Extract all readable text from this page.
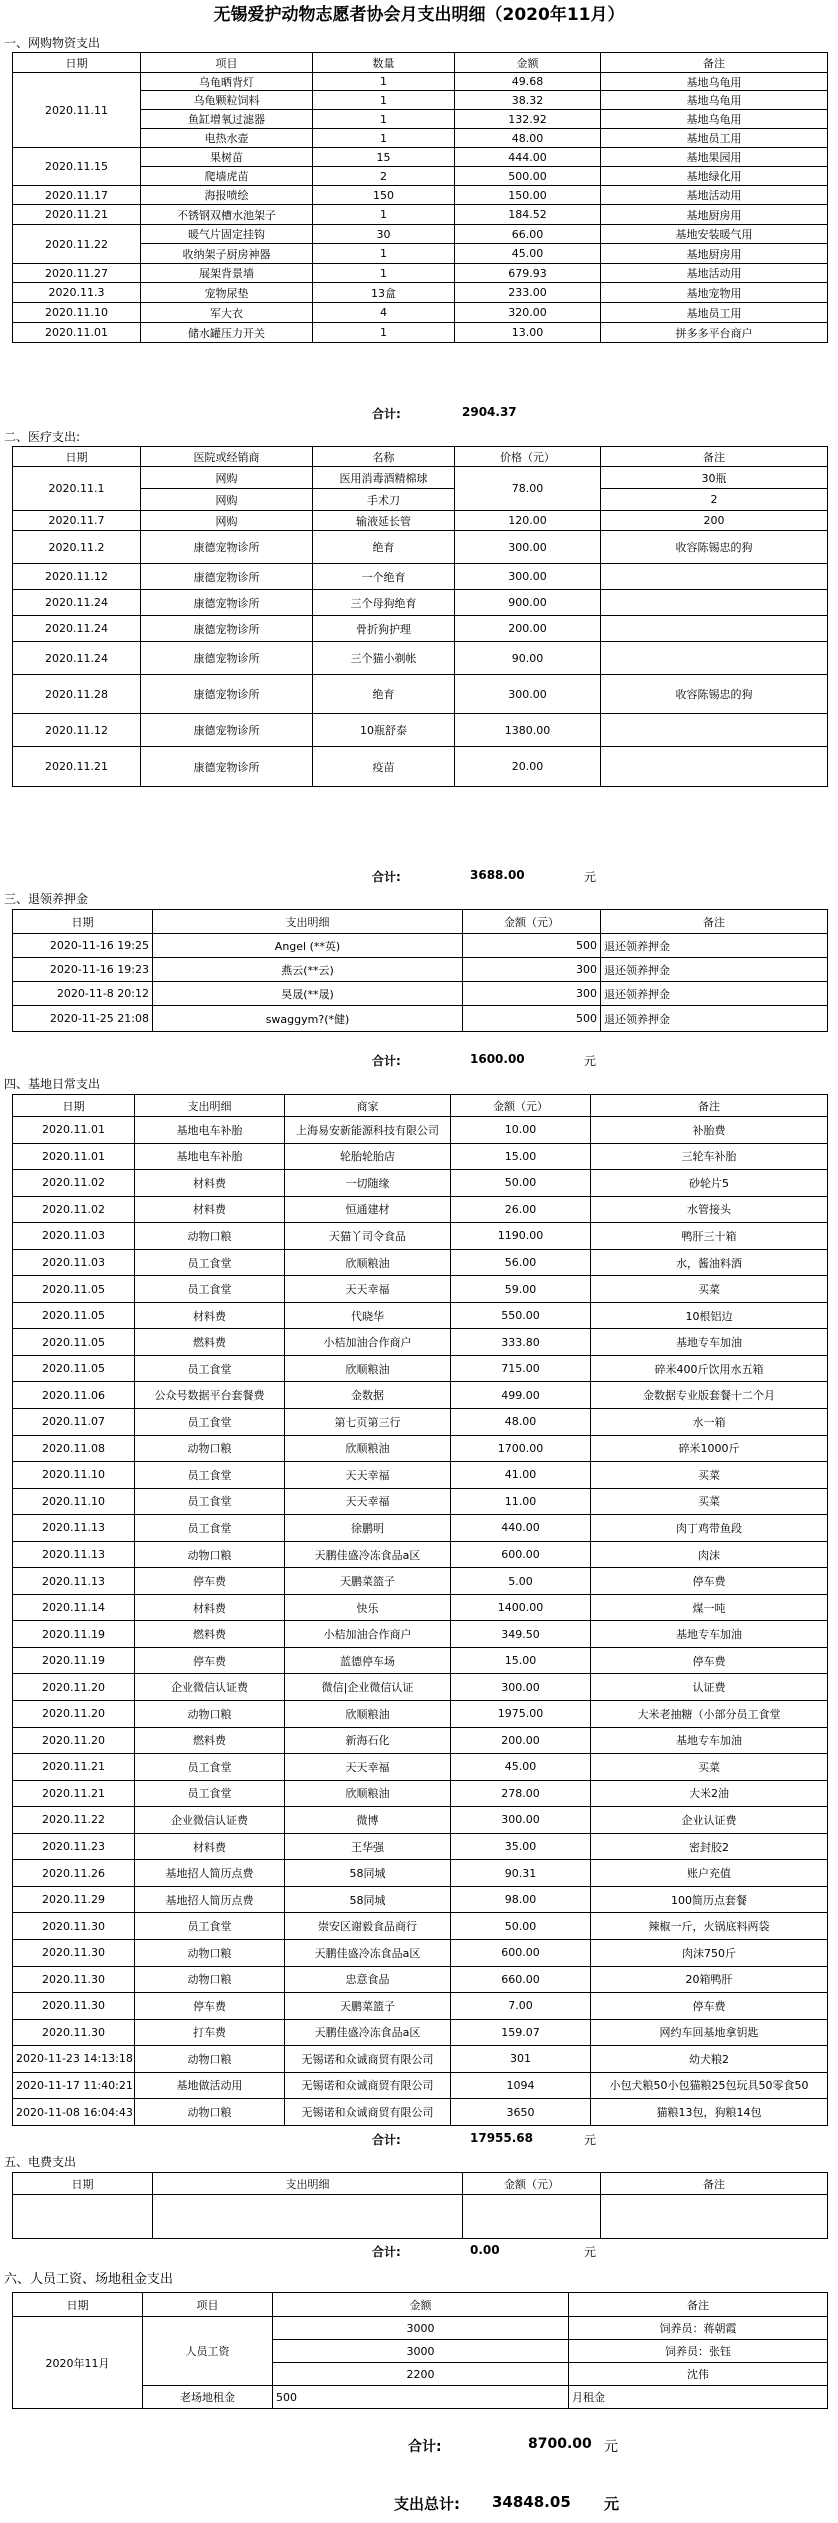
无锡爱护动物志愿者协会月支出明细（2020年11月）
一、网购物资支出
日期	项目	数量	金额	备注
2020.11.11	乌龟晒背灯	1	49.68	基地乌龟用
	乌龟颗粒饲料	1	38.32	基地乌龟用
	鱼缸增氧过滤器	1	132.92	基地乌龟用
	电热水壶	1	48.00	基地员工用
2020.11.15	果树苗	15	444.00	基地果园用
	爬墙虎苗	2	500.00	基地绿化用
2020.11.17	海报喷绘	150	150.00	基地活动用
2020.11.21	不锈钢双槽水池架子	1	184.52	基地厨房用
2020.11.22	暖气片固定挂钩	30	66.00	基地安装暖气用
	收纳架子厨房神器	1	45.00	基地厨房用
2020.11.27	展架背景墙	1	679.93	基地活动用
2020.11.3	宠物尿垫	13盒	233.00	基地宠物用
2020.11.10	军大衣	4	320.00	基地员工用
2020.11.01	储水罐压力开关	1	13.00	拼多多平台商户
合计:	2904.37
二、医疗支出:
日期	医院或经销商	名称	价格（元）	备注
2020.11.1	网购	医用消毒酒精棉球	78.00	30瓶
	网购	手术刀		2
2020.11.7	网购	输液延长管	120.00	200
2020.11.2	康德宠物诊所	绝育	300.00	收容陈锡忠的狗
2020.11.12	康德宠物诊所	一个绝育	300.00	
2020.11.24	康德宠物诊所	三个母狗绝育	900.00	
2020.11.24	康德宠物诊所	骨折狗护理	200.00	
2020.11.24	康德宠物诊所	三个猫小剃帐	90.00	
2020.11.28	康德宠物诊所	绝育	300.00	收容陈锡忠的狗
2020.11.12	康德宠物诊所	10瓶舒泰	1380.00	
2020.11.21	康德宠物诊所	疫苗	20.00	
合计:	3688.00	元
三、退领养押金
日期	支出明细	金额（元）	备注
2020-11-16 19:25	Angel (**英)	500	退还领养押金
2020-11-16 19:23	燕云(**云)	300	退还领养押金
2020-11-8 20:12	昊晟(**晟)	300	退还领养押金
2020-11-25 21:08	swaggym?(*健)	500	退还领养押金
合计:	1600.00	元
四、基地日常支出
日期	支出明细	商家	金额（元）	备注
2020.11.01	基地电车补胎	上海易安新能源科技有限公司	10.00	补胎费
2020.11.01	基地电车补胎	轮胎轮胎店	15.00	三轮车补胎
2020.11.02	材料费	一切随缘	50.00	砂轮片5
2020.11.02	材料费	恒通建材	26.00	水管接头
2020.11.03	动物口粮	天猫丫司令食品	1190.00	鸭肝三十箱
2020.11.03	员工食堂	欣顺粮油	56.00	水，酱油料酒
2020.11.05	员工食堂	天天幸福	59.00	买菜
2020.11.05	材料费	代晓华	550.00	10根铝边
2020.11.05	燃料费	小桔加油合作商户	333.80	基地专车加油
2020.11.05	员工食堂	欣顺粮油	715.00	碎米400斤饮用水五箱
2020.11.06	公众号数据平台套餐费	金数据	499.00	金数据专业版套餐十二个月
2020.11.07	员工食堂	第七页第三行	48.00	水一箱
2020.11.08	动物口粮	欣顺粮油	1700.00	碎米1000斤
2020.11.10	员工食堂	天天幸福	41.00	买菜
2020.11.10	员工食堂	天天幸福	11.00	买菜
2020.11.13	员工食堂	徐鹏明	440.00	肉丁鸡带鱼段
2020.11.13	动物口粮	天鹏佳盛冷冻食品a区	600.00	肉沫
2020.11.13	停车费	天鹏菜篮子	5.00	停车费
2020.11.14	材料费	快乐	1400.00	煤一吨
2020.11.19	燃料费	小桔加油合作商户	349.50	基地专车加油
2020.11.19	停车费	蓝德停车场	15.00	停车费
2020.11.20	企业微信认证费	微信|企业微信认证	300.00	认证费
2020.11.20	动物口粮	欣顺粮油	1975.00	大米老抽糖（小部分员工食堂
2020.11.20	燃料费	新海石化	200.00	基地专车加油
2020.11.21	员工食堂	天天幸福	45.00	买菜
2020.11.21	员工食堂	欣顺粮油	278.00	大米2油
2020.11.22	企业微信认证费	微博	300.00	企业认证费
2020.11.23	材料费	王华强	35.00	密封胶2
2020.11.26	基地招人简历点费	58同城	90.31	账户充值
2020.11.29	基地招人简历点费	58同城	98.00	100简历点套餐
2020.11.30	员工食堂	崇安区谢毅食品商行	50.00	辣椒一斤，火锅底料两袋
2020.11.30	动物口粮	天鹏佳盛冷冻食品a区	600.00	肉沫750斤
2020.11.30	动物口粮	忠意食品	660.00	20箱鸭肝
2020.11.30	停车费	天鹏菜篮子	7.00	停车费
2020.11.30	打车费	天鹏佳盛冷冻食品a区	159.07	网约车回基地拿钥匙
2020-11-23 14:13:18	动物口粮	无锡诺和众诚商贸有限公司	301	幼犬粮2
2020-11-17 11:40:21	基地做活动用	无锡诺和众诚商贸有限公司	1094	小包犬粮50小包猫粮25包玩具50零食50
2020-11-08 16:04:43	动物口粮	无锡诺和众诚商贸有限公司	3650	猫粮13包，狗粮14包
合计:	17955.68	元
五、电费支出
日期	支出明细	金额（元）	备注

合计:	0.00	元
六、人员工资、场地租金支出
日期	项目	金额	备注
2020年11月	人员工资	3000	饲养员：蒋朝霞
		3000	饲养员：张钰
		2200	沈伟
	老场地租金	500	月租金
合计:	8700.00 元
支出总计: 34848.05 元
